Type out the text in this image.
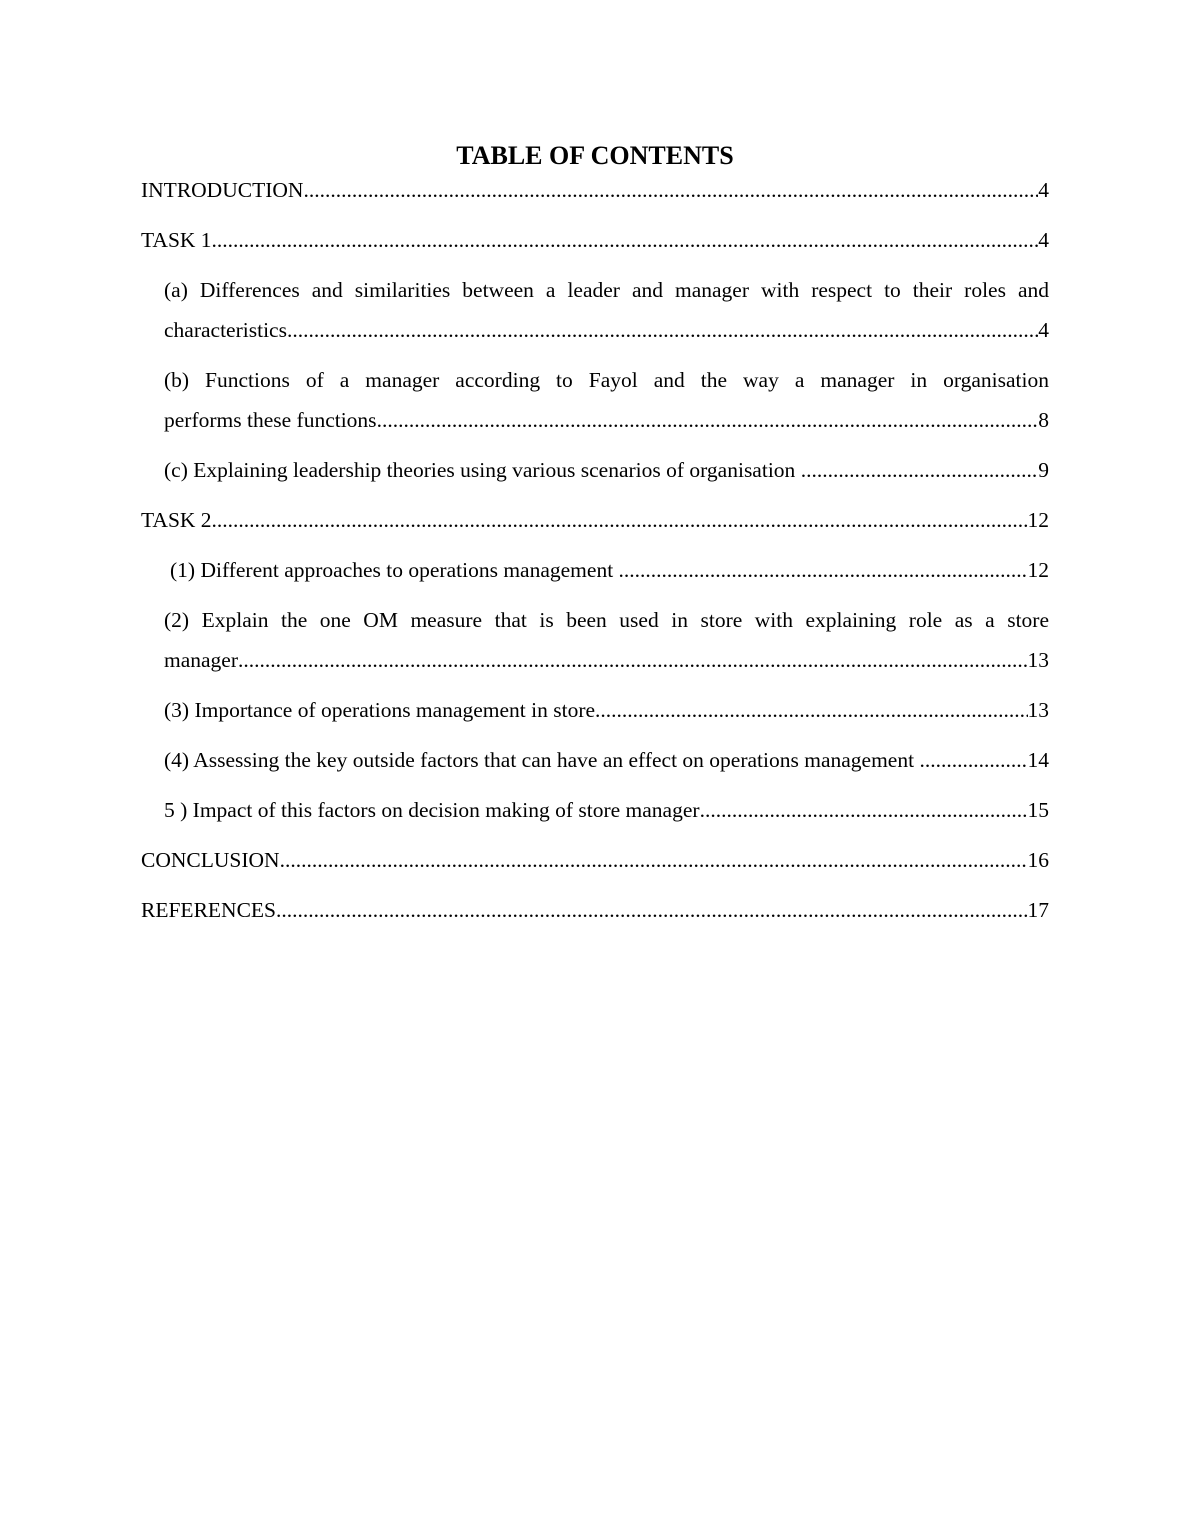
TABLE OF CONTENTS
INTRODUCTION .....	4
TASK 1 .....	4
(a) Differences and similarities between a leader and manager with respect to their roles and
characteristics .....	4
(b) Functions of a manager according to Fayol and the way a manager in organisation
performs these functions .....	8
(c) Explaining leadership theories using various scenarios of organisation .....	9
TASK 2 .....	12
(1) Different approaches to operations management .....	12
(2) Explain the one OM measure that is been used in store with explaining role as a store
manager .....	13
(3) Importance of operations management in store .....	13
(4) Assessing the key outside factors that can have an effect on operations management .....	14
5 ) Impact of this factors on decision making of store manager .....	15
CONCLUSION .....	16
REFERENCES .....	17
